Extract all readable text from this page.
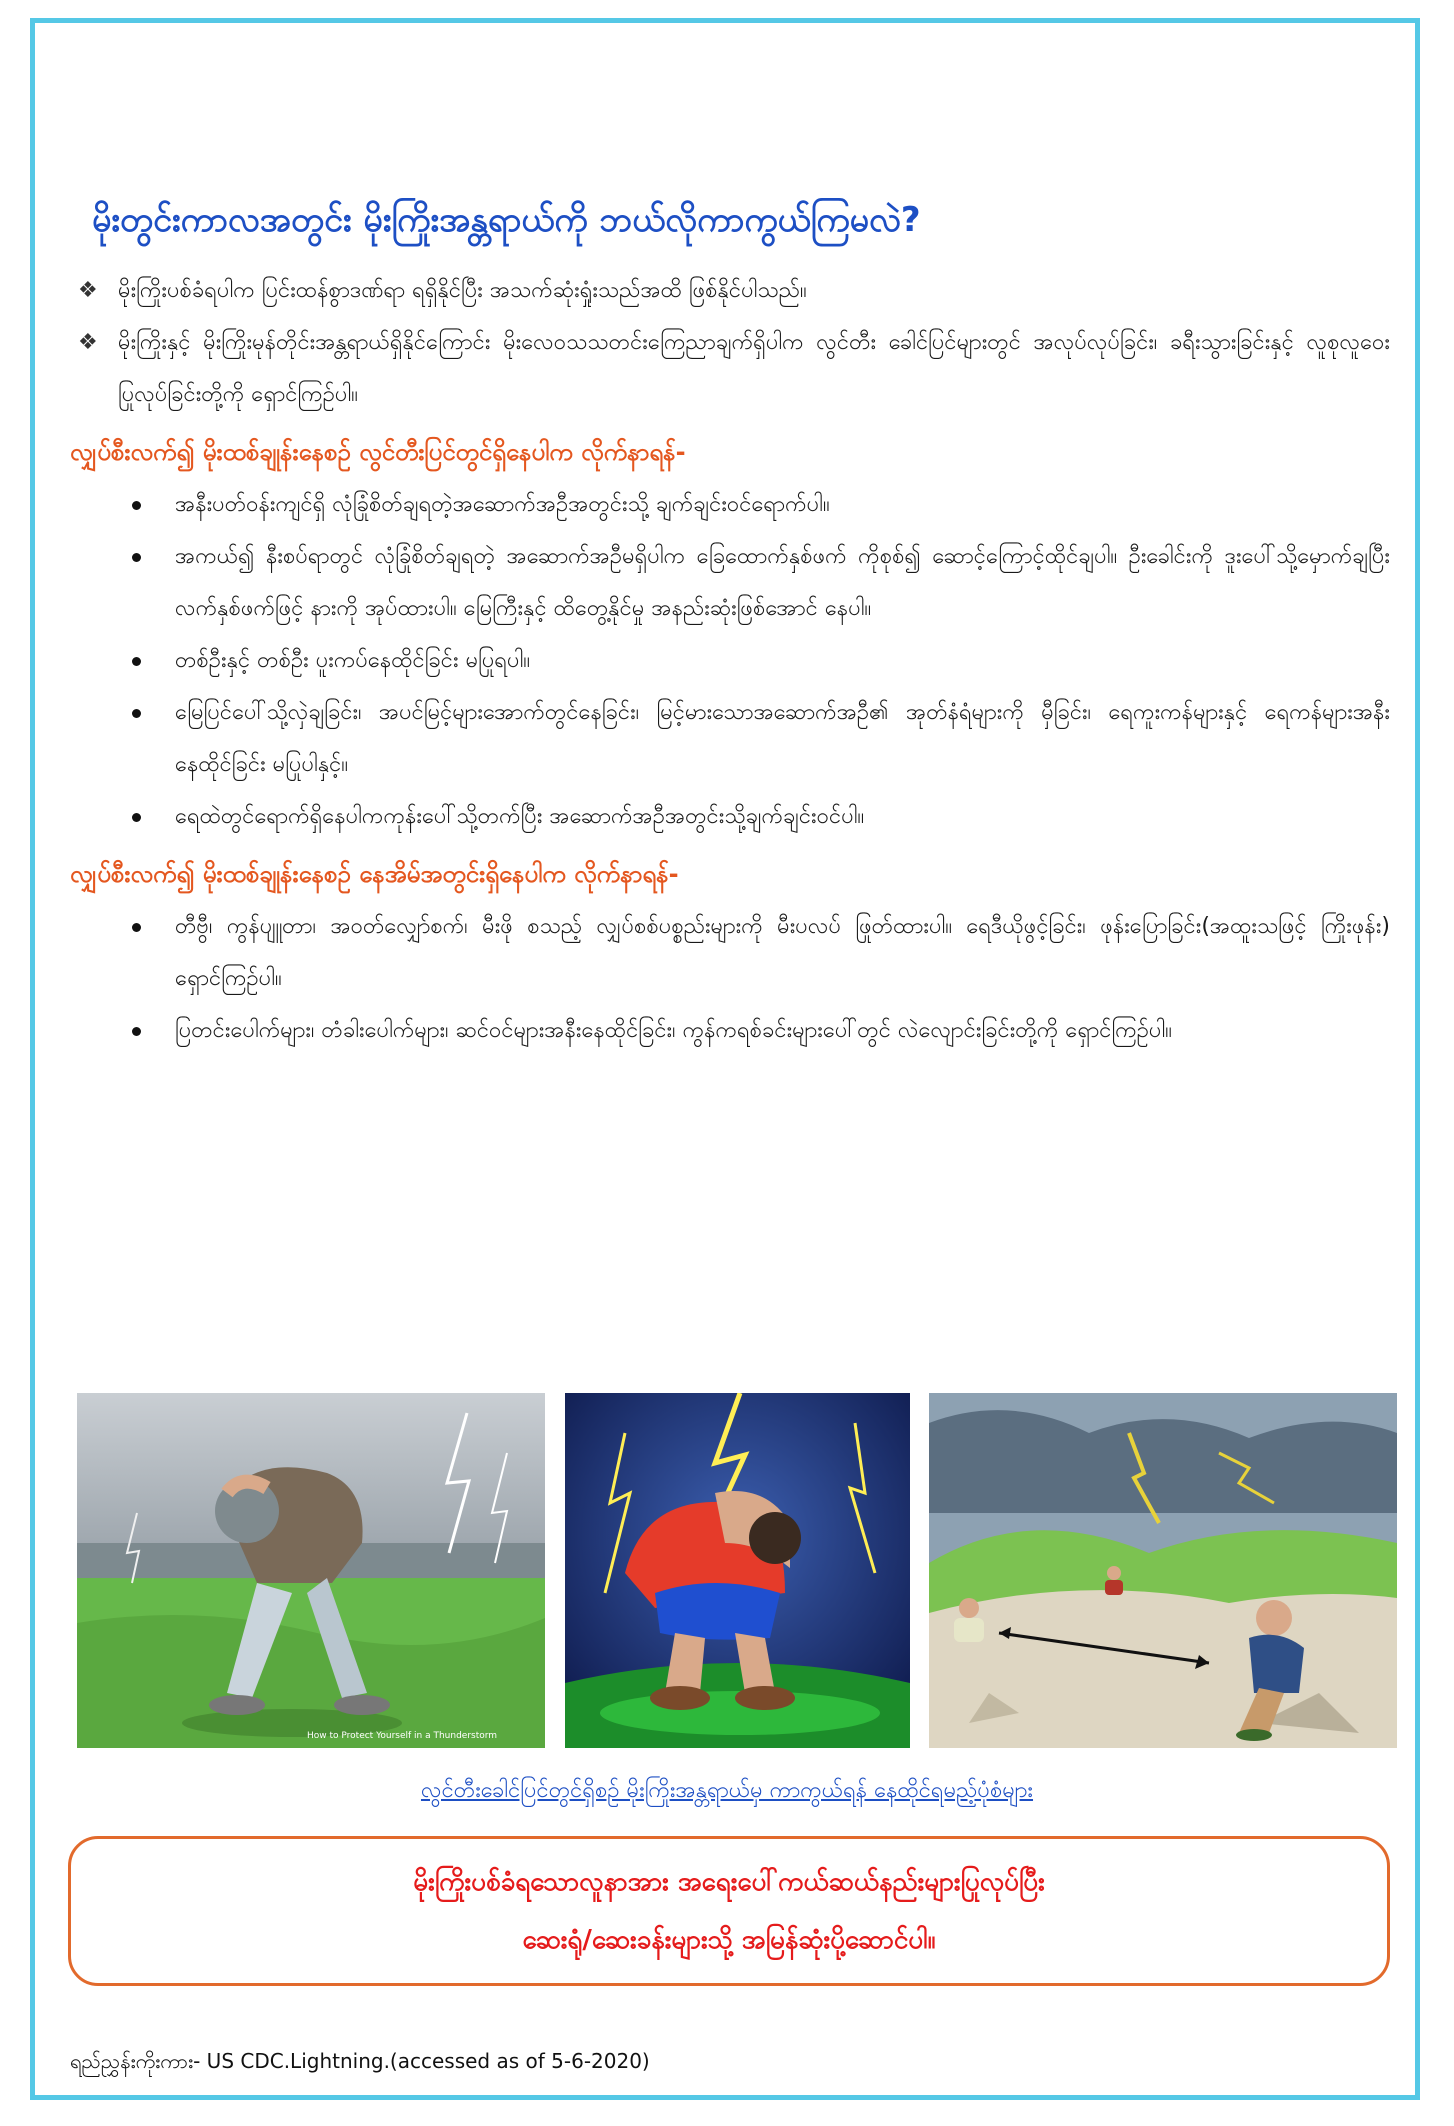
မိုးတွင်းကာလအတွင်း မိုးကြိုးအန္တရာယ်ကို ဘယ်လိုကာကွယ်ကြမလဲ?
❖ မိုးကြိုးပစ်ခံရပါက ပြင်းထန်စွာဒဏ်ရာ ရရှိနိုင်ပြီး အသက်ဆုံးရှုံးသည်အထိ ဖြစ်နိုင်ပါသည်။
❖ မိုးကြိုးနှင့် မိုးကြိုးမုန်တိုင်းအန္တရာယ်ရှိနိုင်ကြောင်း မိုးလေဝသသတင်းကြေညာချက်ရှိပါက လွင်တီး ခေါင်ပြင်များတွင် အလုပ်လုပ်ခြင်း၊ ခရီးသွားခြင်းနှင့် လူစုလူဝေးပြုလုပ်ခြင်းတို့ကို ရှောင်ကြဉ်ပါ။
လျှပ်စီးလက်၍ မိုးထစ်ချုန်းနေစဉ် လွင်တီးပြင်တွင်ရှိနေပါက လိုက်နာရန်-
အနီးပတ်ဝန်းကျင်ရှိ လုံခြုံစိတ်ချရတဲ့အဆောက်အဦအတွင်းသို့ ချက်ချင်းဝင်ရောက်ပါ။
အကယ်၍ နီးစပ်ရာတွင် လုံခြုံစိတ်ချရတဲ့ အဆောက်အဦမရှိပါက ခြေထောက်နှစ်ဖက် ကိုစုစ်၍ ဆောင့်ကြောင့်ထိုင်ချပါ။ ဦးခေါင်းကို ဒူးပေါ်သို့မှောက်ချပြီး လက်နှစ်ဖက်ဖြင့် နားကို အုပ်ထားပါ။ မြေကြီးနှင့် ထိတွေ့နိုင်မှု အနည်းဆုံးဖြစ်အောင် နေပါ။
တစ်ဦးနှင့် တစ်ဦး ပူးကပ်နေထိုင်ခြင်း မပြုရပါ။
မြေပြင်ပေါ်သို့လှဲချခြင်း၊ အပင်မြင့်များအောက်တွင်နေခြင်း၊ မြင့်မားသောအဆောက်အဦ၏ အုတ်နံရံများကို မှီခြင်း၊ ရေကူးကန်များနှင့် ရေကန်များအနီး နေထိုင်ခြင်း မပြုပါနှင့်။
ရေထဲတွင်ရောက်ရှိနေပါကကုန်းပေါ်သို့တက်ပြီး အဆောက်အဦအတွင်းသို့ချက်ချင်းဝင်ပါ။
လျှပ်စီးလက်၍ မိုးထစ်ချုန်းနေစဉ် နေအိမ်အတွင်းရှိနေပါက လိုက်နာရန်-
တီဗွီ၊ ကွန်ပျူတာ၊ အဝတ်လျှော်စက်၊ မီးဖို စသည့် လျှပ်စစ်ပစ္စည်းများကို မီးပလပ် ဖြုတ်ထားပါ။ ရေဒီယိုဖွင့်ခြင်း၊ ဖုန်းပြောခြင်း(အထူးသဖြင့် ကြိုးဖုန်း) ရှောင်ကြဉ်ပါ။
ပြတင်းပေါက်များ၊ တံခါးပေါက်များ၊ ဆင်ဝင်များအနီးနေထိုင်ခြင်း၊ ကွန်ကရစ်ခင်းများပေါ်တွင် လဲလျောင်းခြင်းတို့ကို ရှောင်ကြဉ်ပါ။
How to Protect Yourself in a Thunderstorm
လွင်တီးခေါင်ပြင်တွင်ရှိစဉ် မိုးကြိုးအန္တရာယ်မှ ကာကွယ်ရန် နေထိုင်ရမည့်ပုံစံများ
မိုးကြိုးပစ်ခံရသောလူနာအား အရေးပေါ်ကယ်ဆယ်နည်းများပြုလုပ်ပြီး
ဆေးရုံ/ဆေးခန်းများသို့ အမြန်ဆုံးပို့ဆောင်ပါ။
ရည်ညွှန်းကိုးကား- US CDC.Lightning.(accessed as of 5-6-2020)
